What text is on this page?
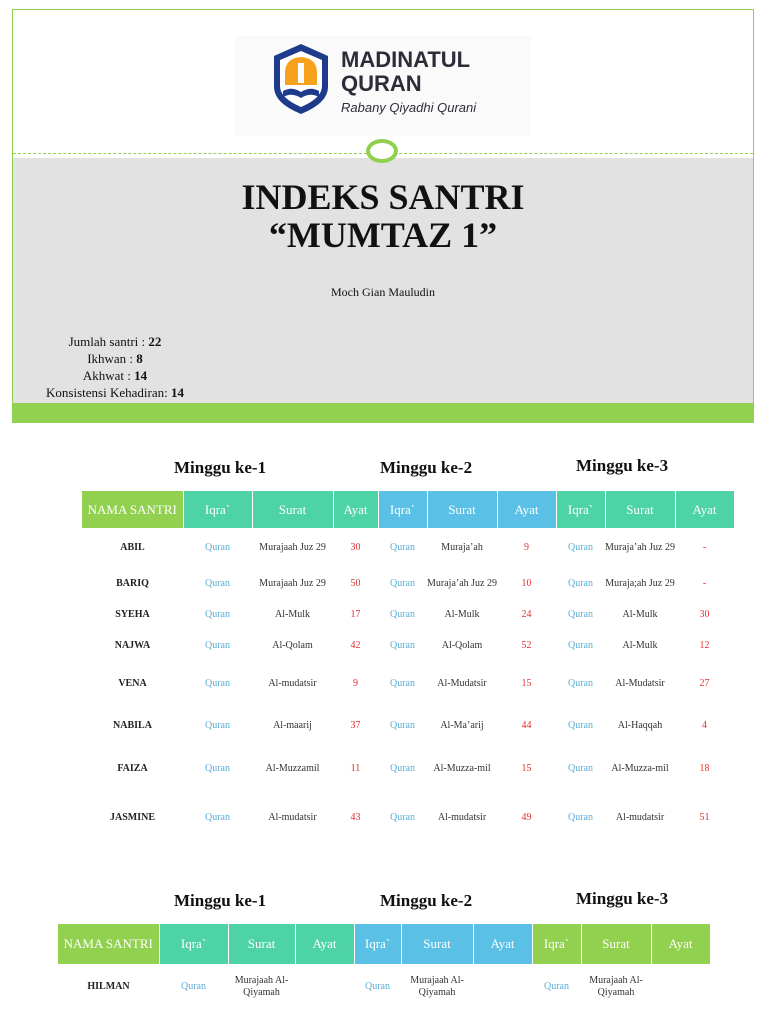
MADINATUL
QURAN
Rabany Qiyadhi Qurani
INDEKS SANTRI
“MUMTAZ 1”
Moch Gian Mauludin
Jumlah santri : 22
Ikhwan : 8
Akhwat : 14
Konsistensi Kehadiran: 14
Minggu ke-1	Minggu ke-2	Minggu ke-3
NAMA SANTRI	Iqra`	Surat	Ayat	Iqra`	Surat	Ayat	Iqra`	Surat	Ayat
ABIL	Quran	Murajaah Juz 29	30	Quran	Muraja’ah	9	Quran	Muraja’ah Juz 29	-
BARIQ	Quran	Murajaah Juz 29	50	Quran	Muraja’ah Juz 29	10	Quran	Muraja;ah Juz 29	-
SYEHA	Quran	Al-Mulk	17	Quran	Al-Mulk	24	Quran	Al-Mulk	30
NAJWA	Quran	Al-Qolam	42	Quran	Al-Qolam	52	Quran	Al-Mulk	12
VENA	Quran	Al-mudatsir	9	Quran	Al-Mudatsir	15	Quran	Al-Mudatsir	27
NABILA	Quran	Al-maarij	37	Quran	Al-Ma’arij	44	Quran	Al-Haqqah	4
FAIZA	Quran	Al-Muzzamil	11	Quran	Al-Muzza-mil	15	Quran	Al-Muzza-mil	18
JASMINE	Quran	Al-mudatsir	43	Quran	Al-mudatsir	49	Quran	Al-mudatsir	51
Minggu ke-1	Minggu ke-2	Minggu ke-3
NAMA SANTRI	Iqra`	Surat	Ayat	Iqra`	Surat	Ayat	Iqra`	Surat	Ayat
HILMAN	Quran	Murajaah Al-Qiyamah		Quran	Murajaah Al-Qiyamah		Quran	Murajaah Al-Qiyamah	
